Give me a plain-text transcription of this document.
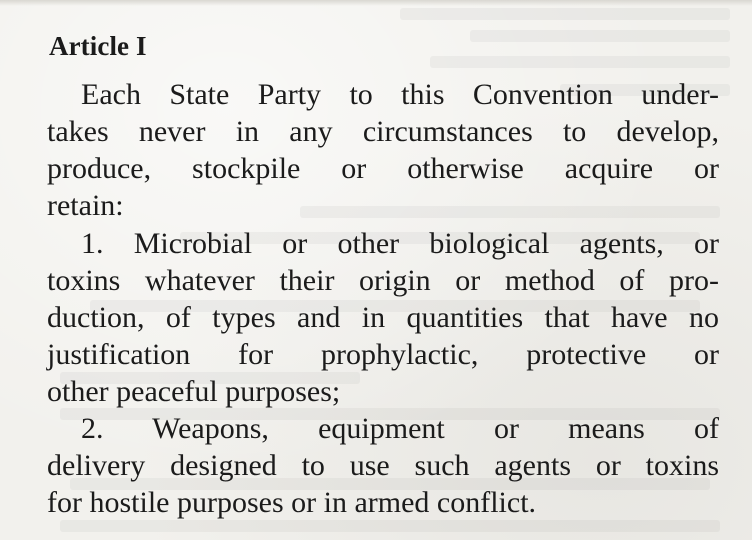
Article I
Each State Party to this Convention under-
takes never in any circumstances to develop,
produce, stockpile or otherwise acquire or
retain:
1. Microbial or other biological agents, or
toxins whatever their origin or method of pro-
duction, of types and in quantities that have no
justification for prophylactic, protective or
other peaceful purposes;
2. Weapons, equipment or means of
delivery designed to use such agents or toxins
for hostile purposes or in armed conflict.
